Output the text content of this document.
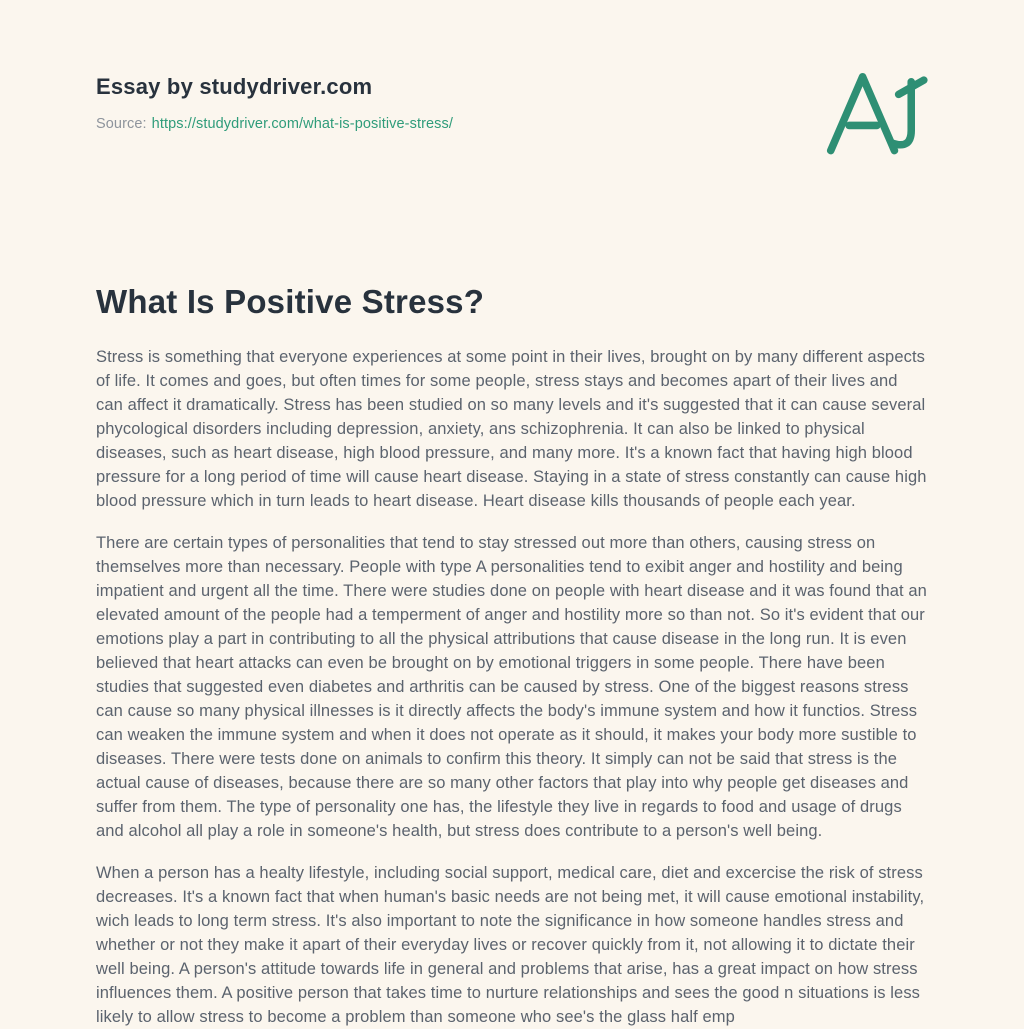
Essay by studydriver.com

Source: https://studydriver.com/what-is-positive-stress/

What Is Positive Stress?

Stress is something that everyone experiences at some point in their lives, brought on by many different aspects of life. It comes and goes, but often times for some people, stress stays and becomes apart of their lives and can affect it dramatically. Stress has been studied on so many levels and it's suggested that it can cause several phycological disorders including depression, anxiety, ans schizophrenia. It can also be linked to physical diseases, such as heart disease, high blood pressure, and many more. It's a known fact that having high blood pressure for a long period of time will cause heart disease. Staying in a state of stress constantly can cause high blood pressure which in turn leads to heart disease. Heart disease kills thousands of people each year.

There are certain types of personalities that tend to stay stressed out more than others, causing stress on themselves more than necessary. People with type A personalities tend to exibit anger and hostility and being impatient and urgent all the time. There were studies done on people with heart disease and it was found that an elevated amount of the people had a temperment of anger and hostility more so than not. So it's evident that our emotions play a part in contributing to all the physical attributions that cause disease in the long run. It is even believed that heart attacks can even be brought on by emotional triggers in some people. There have been studies that suggested even diabetes and arthritis can be caused by stress. One of the biggest reasons stress can cause so many physical illnesses is it directly affects the body's immune system and how it functios. Stress can weaken the immune system and when it does not operate as it should, it makes your body more sustible to diseases. There were tests done on animals to confirm this theory. It simply can not be said that stress is the actual cause of diseases, because there are so many other factors that play into why people get diseases and suffer from them. The type of personality one has, the lifestyle they live in regards to food and usage of drugs and alcohol all play a role in someone's health, but stress does contribute to a person's well being.

When a person has a healty lifestyle, including social support, medical care, diet and excercise the risk of stress decreases. It's a known fact that when human's basic needs are not being met, it will cause emotional instability, wich leads to long term stress. It's also important to note the significance in how someone handles stress and whether or not they make it apart of their everyday lives or recover quickly from it, not allowing it to dictate their well being. A person's attitude towards life in general and problems that arise, has a great impact on how stress influences them. A positive person that takes time to nurture relationships and sees the good n situations is less likely to allow stress to become a problem than someone who see's the glass half emp
